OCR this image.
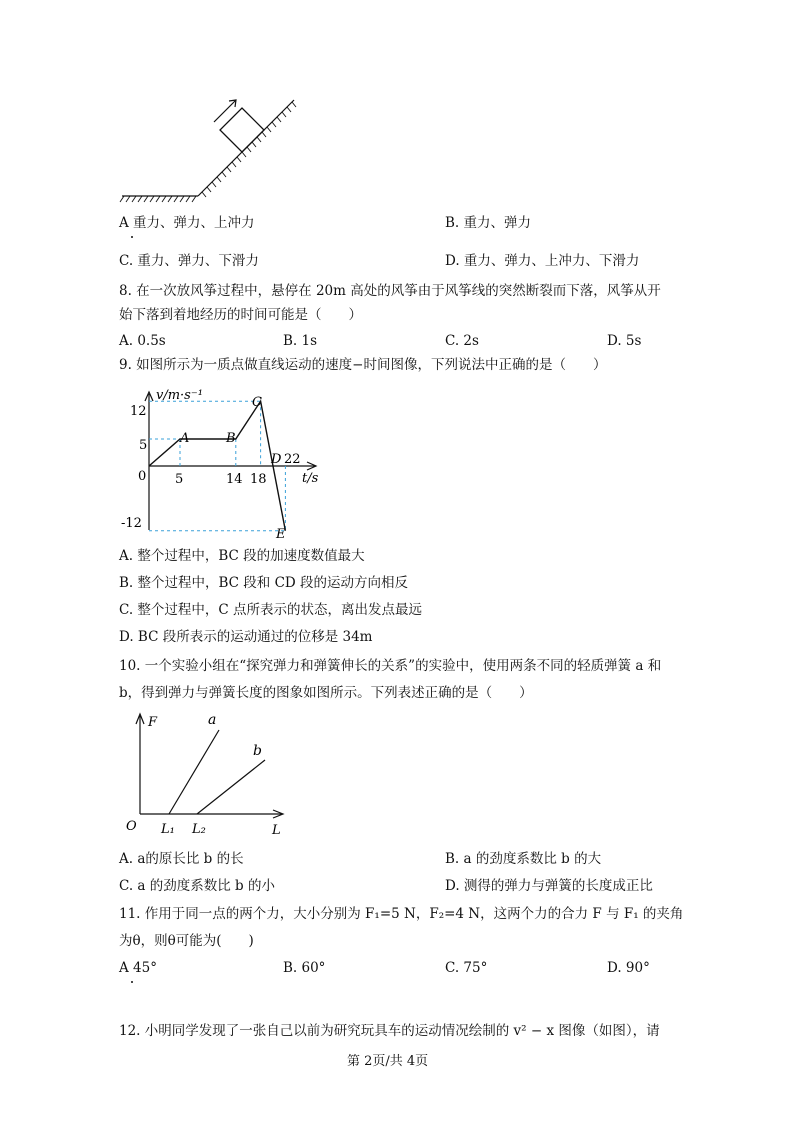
A 重力、弹力、上冲力	B. 重力、弹力
C. 重力、弹力、下滑力	D. 重力、弹力、上冲力、下滑力
8. 在一次放风筝过程中，悬停在 20m 高处的风筝由于风筝线的突然断裂而下落，风筝从开
始下落到着地经历的时间可能是（　　）
A. 0.5s	B. 1s	C. 2s	D. 5s
9. 如图所示为一质点做直线运动的速度−时间图像，下列说法中正确的是（　　）
v/m·s⁻¹
t/s
0
12
5
-12
5	14 18
22
A	B
C
D
E
A. 整个过程中，BC 段的加速度数值最大
B. 整个过程中，BC 段和 CD 段的运动方向相反
C. 整个过程中，C 点所表示的状态，离出发点最远
D. BC 段所表示的运动通过的位移是 34m
10. 一个实验小组在“探究弹力和弹簧伸长的关系”的实验中，使用两条不同的轻质弹簧 a 和
b，得到弹力与弹簧长度的图象如图所示。下列表述正确的是（　　）
F
L
O
a
b
L₁ L₂
A. a的原长比 b 的长	B. a 的劲度系数比 b 的大
C. a 的劲度系数比 b 的小	D. 测得的弹力与弹簧的长度成正比
11. 作用于同一点的两个力，大小分别为 F₁=5 N，F₂=4 N，这两个力的合力 F 与 F₁ 的夹角
为θ，则θ可能为(　　)
A 45°	B. 60°	C. 75°	D. 90°
12. 小明同学发现了一张自己以前为研究玩具车的运动情况绘制的 v² − x 图像（如图），请
第 2页/共 4页
